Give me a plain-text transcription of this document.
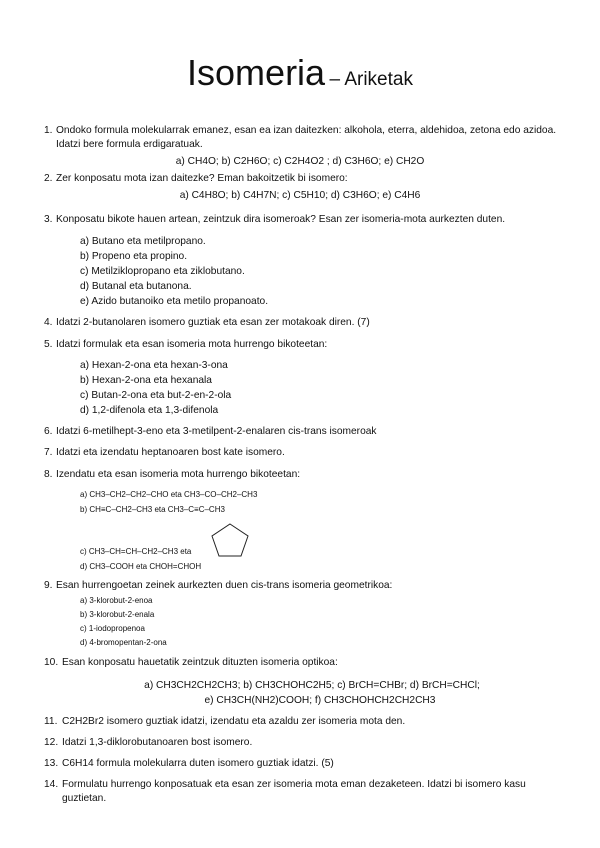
Isomeria – Ariketak
1. Ondoko formula molekularrak emanez, esan ea izan daitezken: alkohola, eterra, aldehidoa, zetona edo azidoa. Idatzi bere formula erdigaratuak.
a) CH4O; b) C2H6O; c) C2H4O2 ; d) C3H6O; e) CH2O
2. Zer konposatu mota izan daitezke? Eman bakoitzetik bi isomero:
a) C4H8O; b) C4H7N; c) C5H10; d) C3H6O; e) C4H6
3. Konposatu bikote hauen artean, zeintzuk dira isomeroak? Esan zer isomeria-mota aurkezten duten.
a) Butano eta metilpropano.
b) Propeno eta propino.
c) Metilziklopropano eta ziklobutano.
d) Butanal eta butanona.
e) Azido butanoiko eta metilo propanoato.
4. Idatzi 2-butanolaren isomero guztiak eta esan zer motakoak diren. (7)
5. Idatzi formulak eta esan isomeria mota hurrengo bikoteetan:
a) Hexan-2-ona eta hexan-3-ona
b) Hexan-2-ona eta hexanala
c) Butan-2-ona eta but-2-en-2-ola
d) 1,2-difenola eta 1,3-difenola
6. Idatzi 6-metilhept-3-eno eta 3-metilpent-2-enalaren cis-trans isomeroak
7. Idatzi eta izendatu heptanoaren bost kate isomero.
8. Izendatu eta esan isomeria mota hurrengo bikoteetan:
a) CH3–CH2–CH2–CHO eta CH3–CO–CH2–CH3
b) CH≡C–CH2–CH3 eta CH3–C≡C–CH3
c) CH3–CH=CH–CH2–CH3 eta
d) CH3–COOH eta CHOH=CHOH
9. Esan hurrengoetan zeinek aurkezten duen cis-trans isomeria geometrikoa:
a) 3-klorobut-2-enoa
b) 3-klorobut-2-enala
c) 1-iodopropenoa
d) 4-bromopentan-2-ona
10. Esan konposatu hauetatik zeintzuk dituzten isomeria optikoa:
a) CH3CH2CH2CH3; b) CH3CHOHC2H5; c) BrCH=CHBr; d) BrCH=CHCl;
e) CH3CH(NH2)COOH; f) CH3CHOHCH2CH2CH3
11. C2H2Br2 isomero guztiak idatzi, izendatu eta azaldu zer isomeria mota den.
12. Idatzi 1,3-diklorobutanoaren bost isomero.
13. C6H14 formula molekularra duten isomero guztiak idatzi. (5)
14. Formulatu hurrengo konposatuak eta esan zer isomeria mota eman dezaketeen. Idatzi bi isomero kasu guztietan.
